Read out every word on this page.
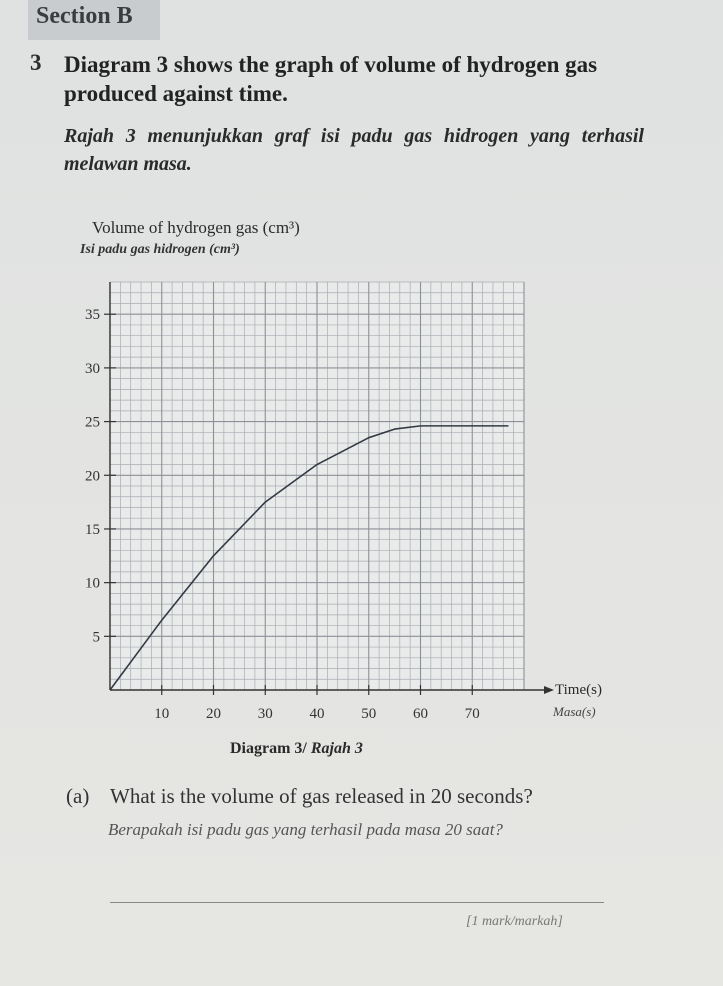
Section B
3 Diagram 3 shows the graph of volume of hydrogen gas produced against time.
Rajah 3 menunjukkan graf isi padu gas hidrogen yang terhasil melawan masa.
Volume of hydrogen gas (cm³)
Isi padu gas hidrogen (cm³)
10 20 30 40 50 60 70
5
10
15
20
25
30
35
Time(s)
Masa(s)
Diagram 3/ Rajah 3
(a) What is the volume of gas released in 20 seconds?
Berapakah isi padu gas yang terhasil pada masa 20 saat?
[1 mark/markah]
